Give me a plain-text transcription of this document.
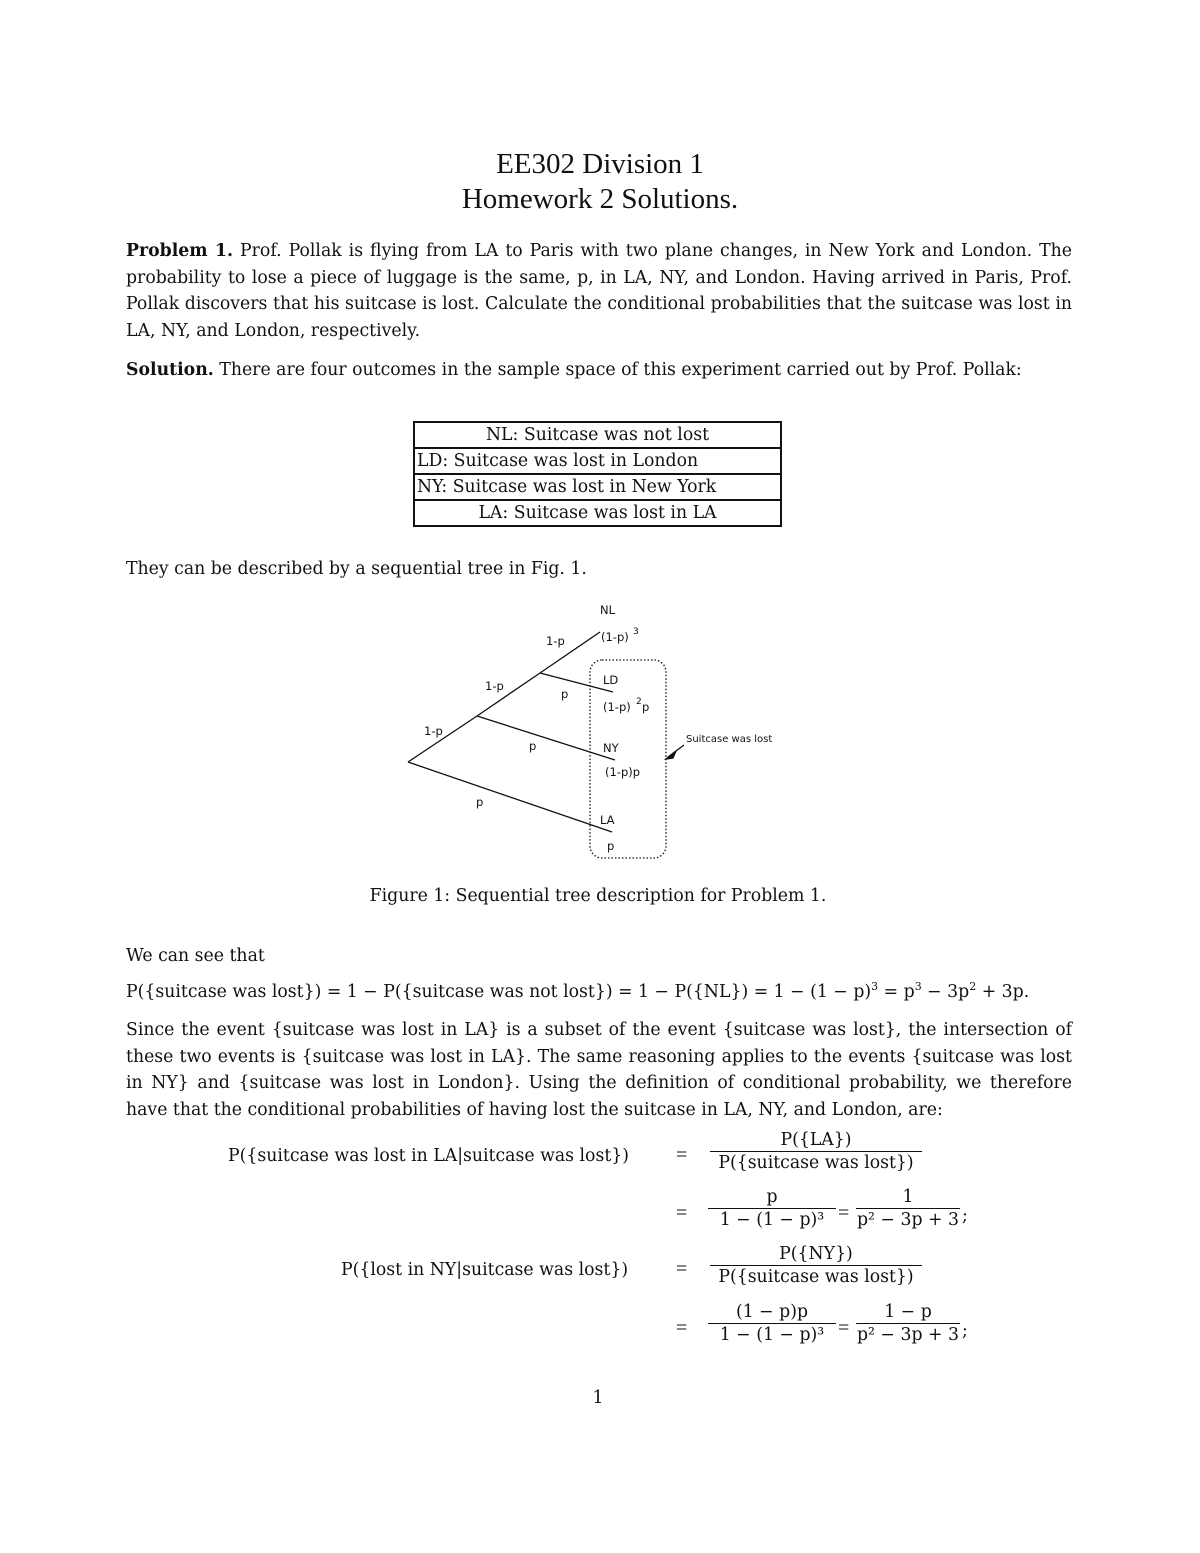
EE302 Division 1
Homework 2 Solutions.
Problem 1. Prof. Pollak is flying from LA to Paris with two plane changes, in New York and London. The probability to lose a piece of luggage is the same, p, in LA, NY, and London. Having arrived in Paris, Prof. Pollak discovers that his suitcase is lost. Calculate the conditional probabilities that the suitcase was lost in LA, NY, and London, respectively.
Solution. There are four outcomes in the sample space of this experiment carried out by Prof. Pollak:
NL: Suitcase was not lost
LD: Suitcase was lost in London
NY: Suitcase was lost in New York
LA: Suitcase was lost in LA
They can be described by a sequential tree in Fig. 1.
NL
LD
NY
LA
(1-p) 3
(1-p) 2 p
(1-p)p
p
1-p
1-p
1-p
p
p
p
Suitcase was lost
Figure 1: Sequential tree description for Problem 1.
We can see that
P({suitcase was lost}) = 1 − P({suitcase was not lost}) = $1 - P(\{NL\}) = 1 - (1 - p)^3 = p^3 - 3p^2 + 3p$.
Since the event {suitcase was lost in LA} is a subset of the event {suitcase was lost}, the intersection of these two events is {suitcase was lost in LA}. The same reasoning applies to the events {suitcase was lost in NY} and {suitcase was lost in London}. Using the definition of conditional probability, we therefore have that the conditional probabilities of having lost the suitcase in LA, NY, and London, are:
P({suitcase was lost in LA|suitcase was lost}) =
P({LA})
P({suitcase was lost})
=
p
1 − (1 − p)³ =
1
p² − 3p + 3 ;
P({lost in NY|suitcase was lost}) =
P({NY})
P({suitcase was lost})
=
(1 − p)p
1 − (1 − p)³ =
1 − p
p² − 3p + 3 ;
1
